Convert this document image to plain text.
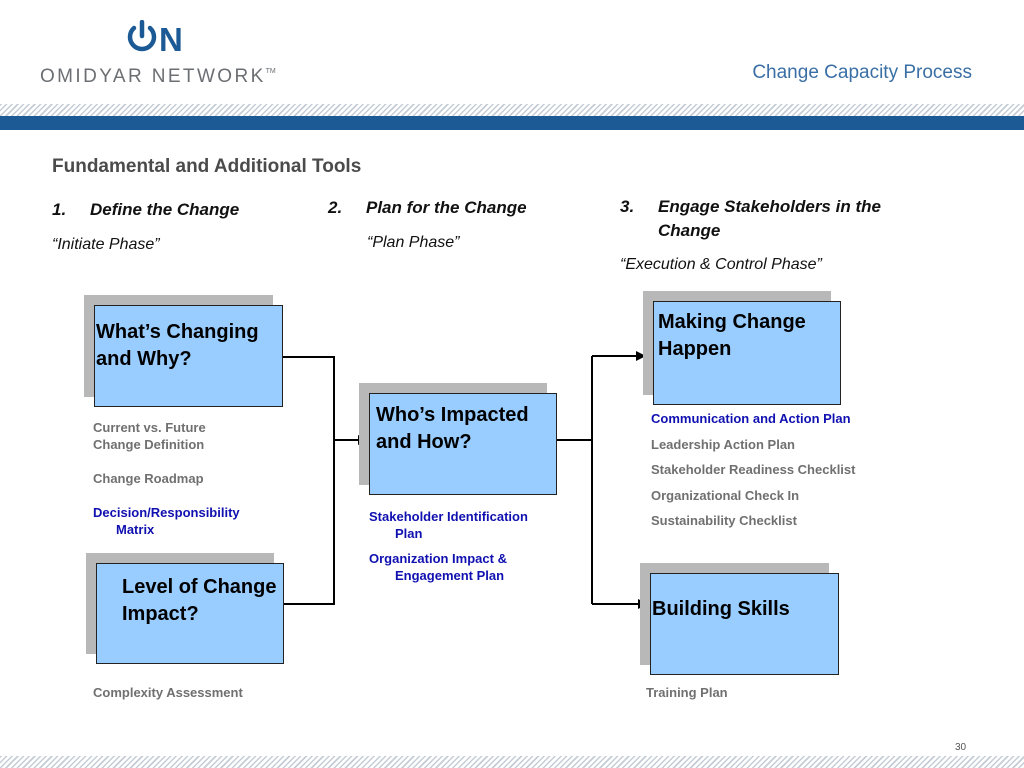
N
OMIDYAR NETWORK™	Change Capacity Process
Fundamental and Additional Tools
1. Define the Change
“Initiate Phase”
2. Plan for the Change
“Plan Phase”
3. Engage Stakeholders in the
Change
“Execution & Control Phase”
What’s Changing and Why?
Level of Change Impact?
Who’s Impacted and How?
Making Change Happen
Building Skills
Current vs. Future
Change Definition
Change Roadmap
Decision/Responsibility
Matrix
Complexity Assessment
Stakeholder Identification
Plan
Organization Impact &
Engagement Plan
Communication and Action Plan
Leadership Action Plan
Stakeholder Readiness Checklist
Organizational Check In
Sustainability Checklist
Training Plan
30
